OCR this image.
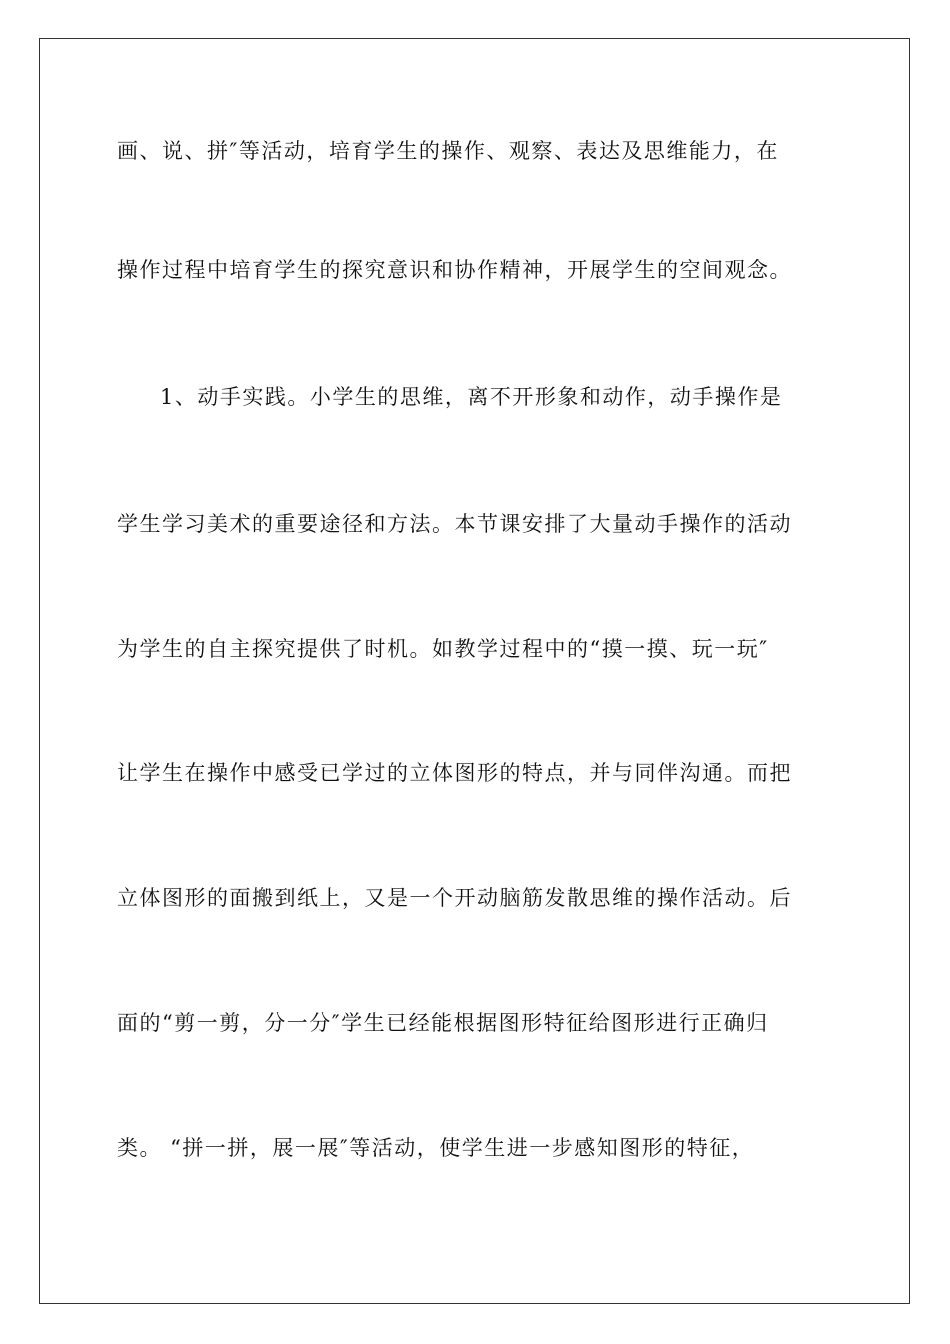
画、说、拼″等活动，培育学生的操作、观察、表达及思维能力，在
操作过程中培育学生的探究意识和协作精神，开展学生的空间观念。
1、动手实践。小学生的思维，离不开形象和动作，动手操作是
学生学习美术的重要途径和方法。本节课安排了大量动手操作的活动
为学生的自主探究提供了时机。如教学过程中的“摸一摸、玩一玩″
让学生在操作中感受已学过的立体图形的特点，并与同伴沟通。而把
立体图形的面搬到纸上，又是一个开动脑筋发散思维的操作活动。后
面的“剪一剪，分一分″学生已经能根据图形特征给图形进行正确归
类。 “拼一拼，展一展″等活动，使学生进一步感知图形的特征，
